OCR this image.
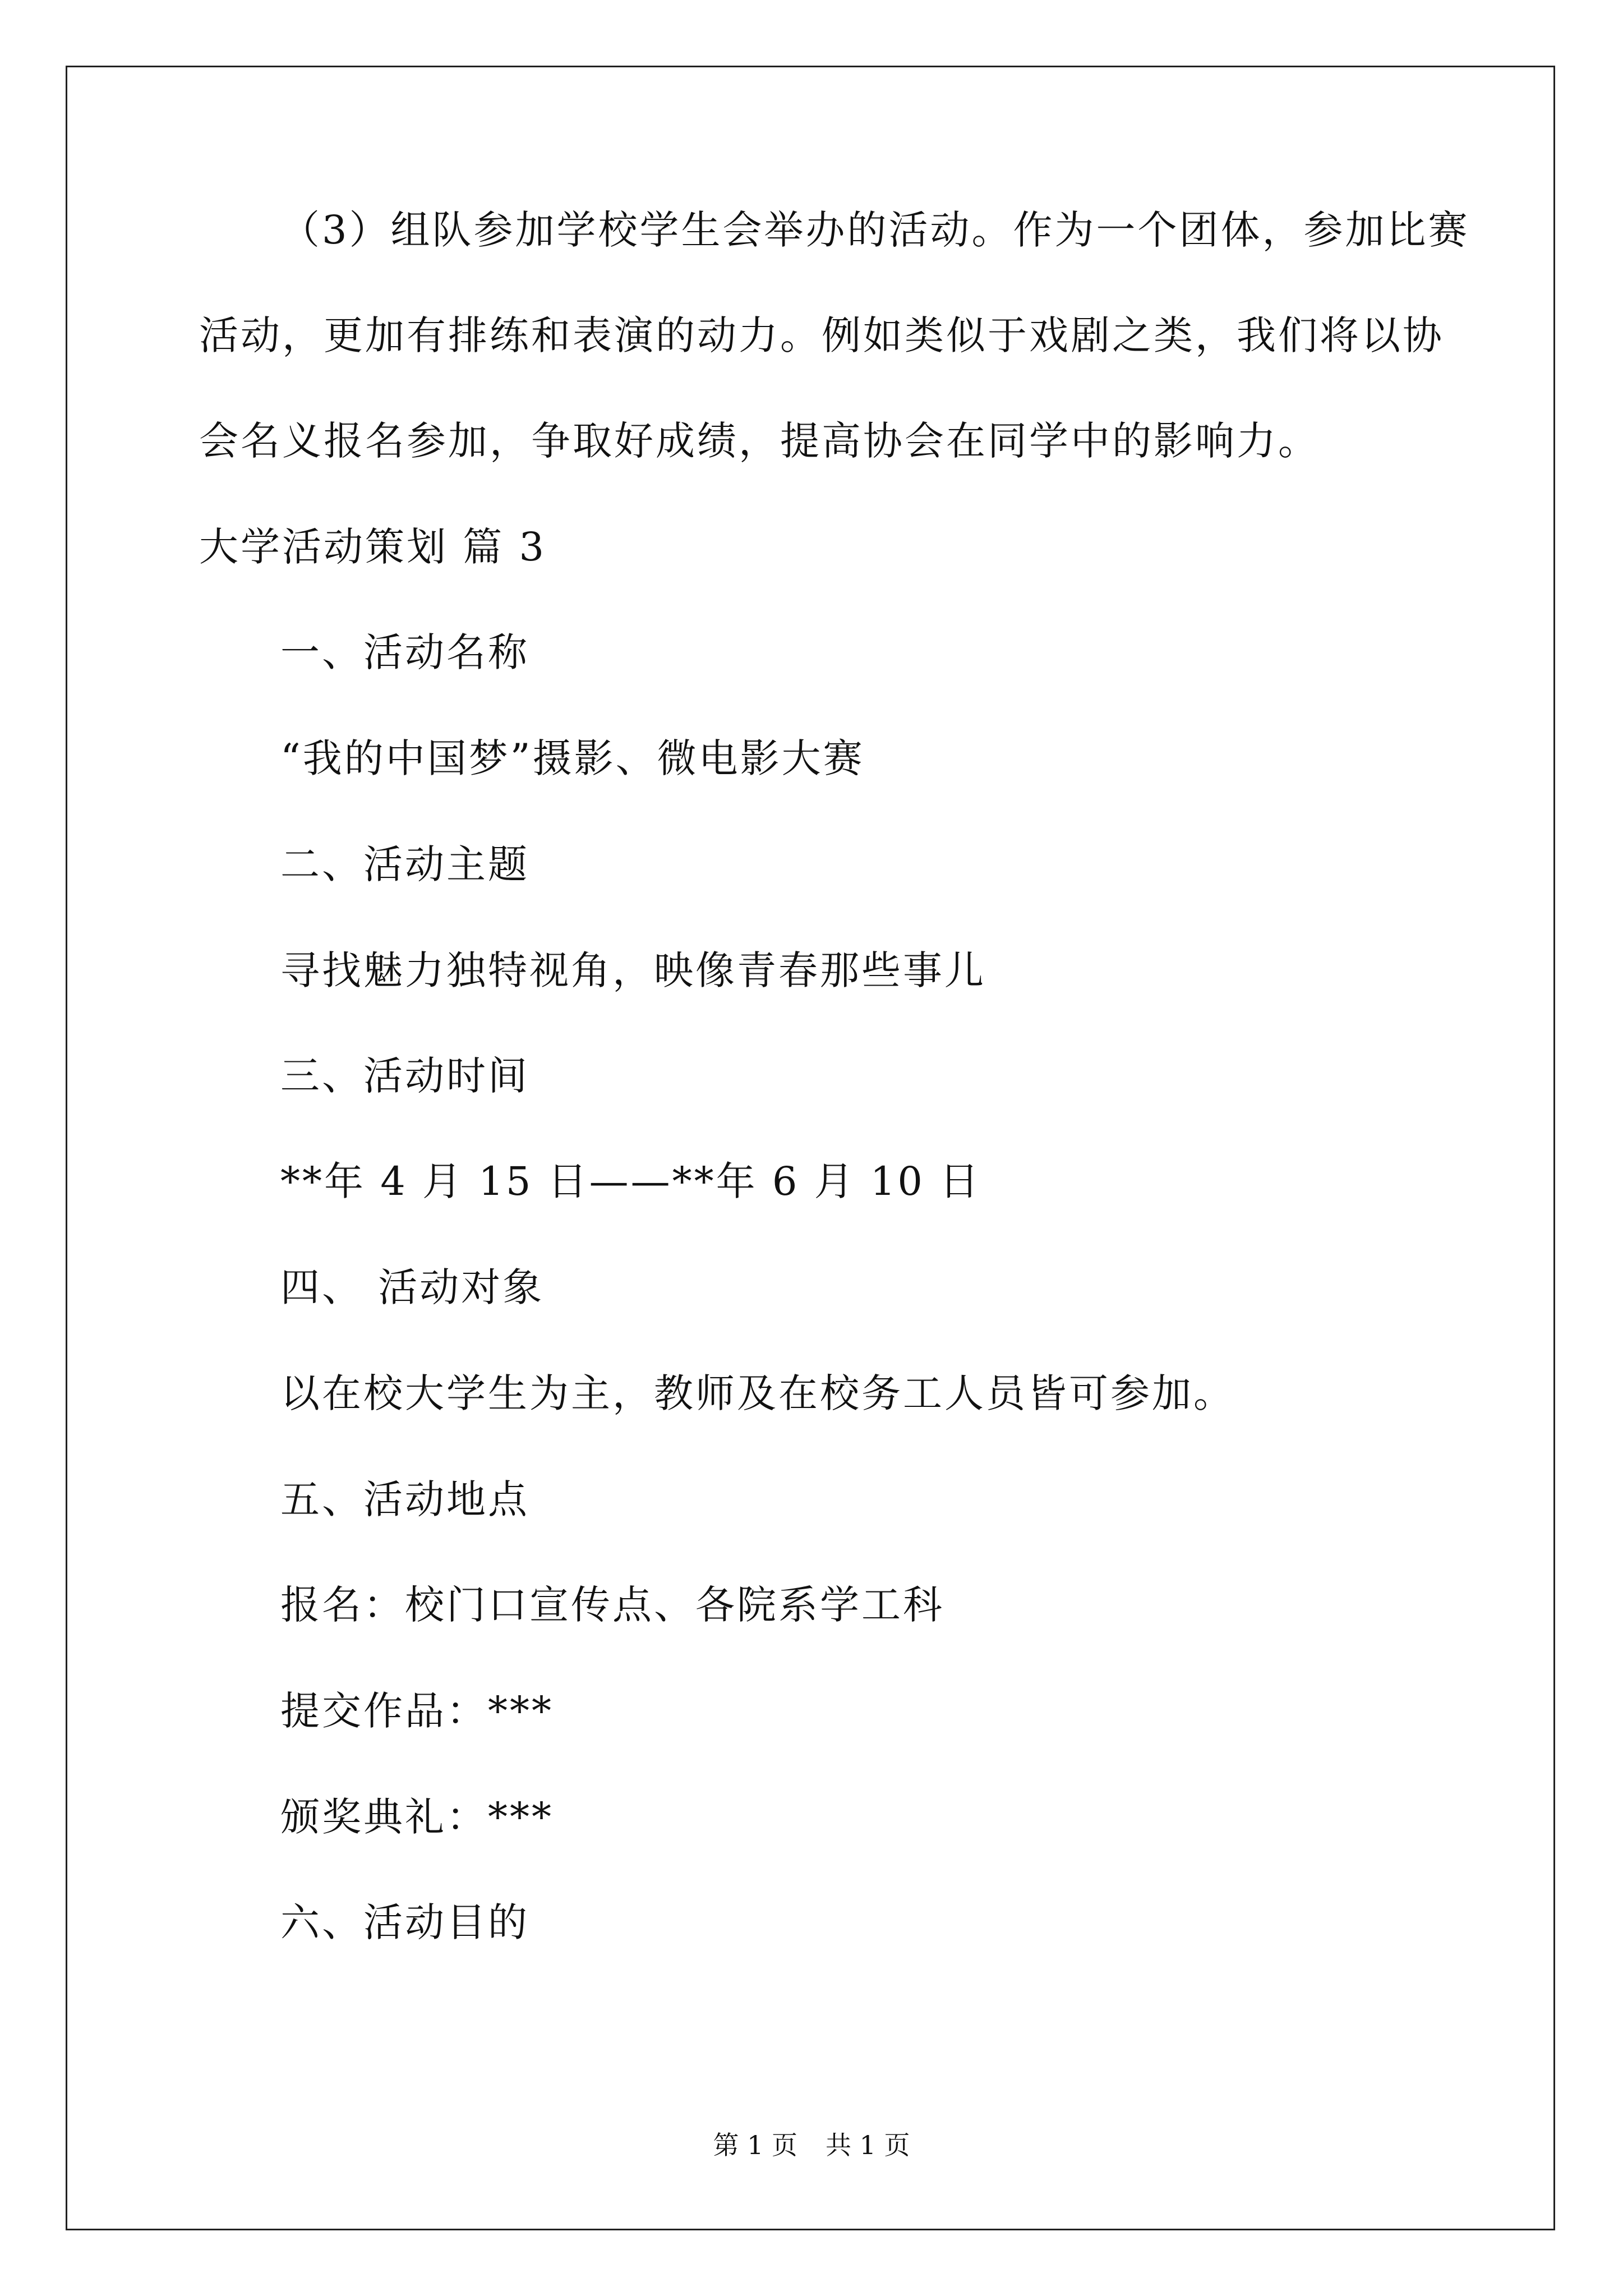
（3）组队参加学校学生会举办的活动。作为一个团体，参加比赛
活动，更加有排练和表演的动力。例如类似于戏剧之类，我们将以协
会名义报名参加，争取好成绩，提高协会在同学中的影响力。
大学活动策划 篇 3
一、活动名称
“我的中国梦”摄影、微电影大赛
二、活动主题
寻找魅力独特视角，映像青春那些事儿
三、活动时间
**年 4 月 15 日——**年 6 月 10 日
四、 活动对象
以在校大学生为主，教师及在校务工人员皆可参加。
五、活动地点
报名：校门口宣传点、各院系学工科
提交作品：***
颁奖典礼：***
六、活动目的
第 1 页 共 1 页
